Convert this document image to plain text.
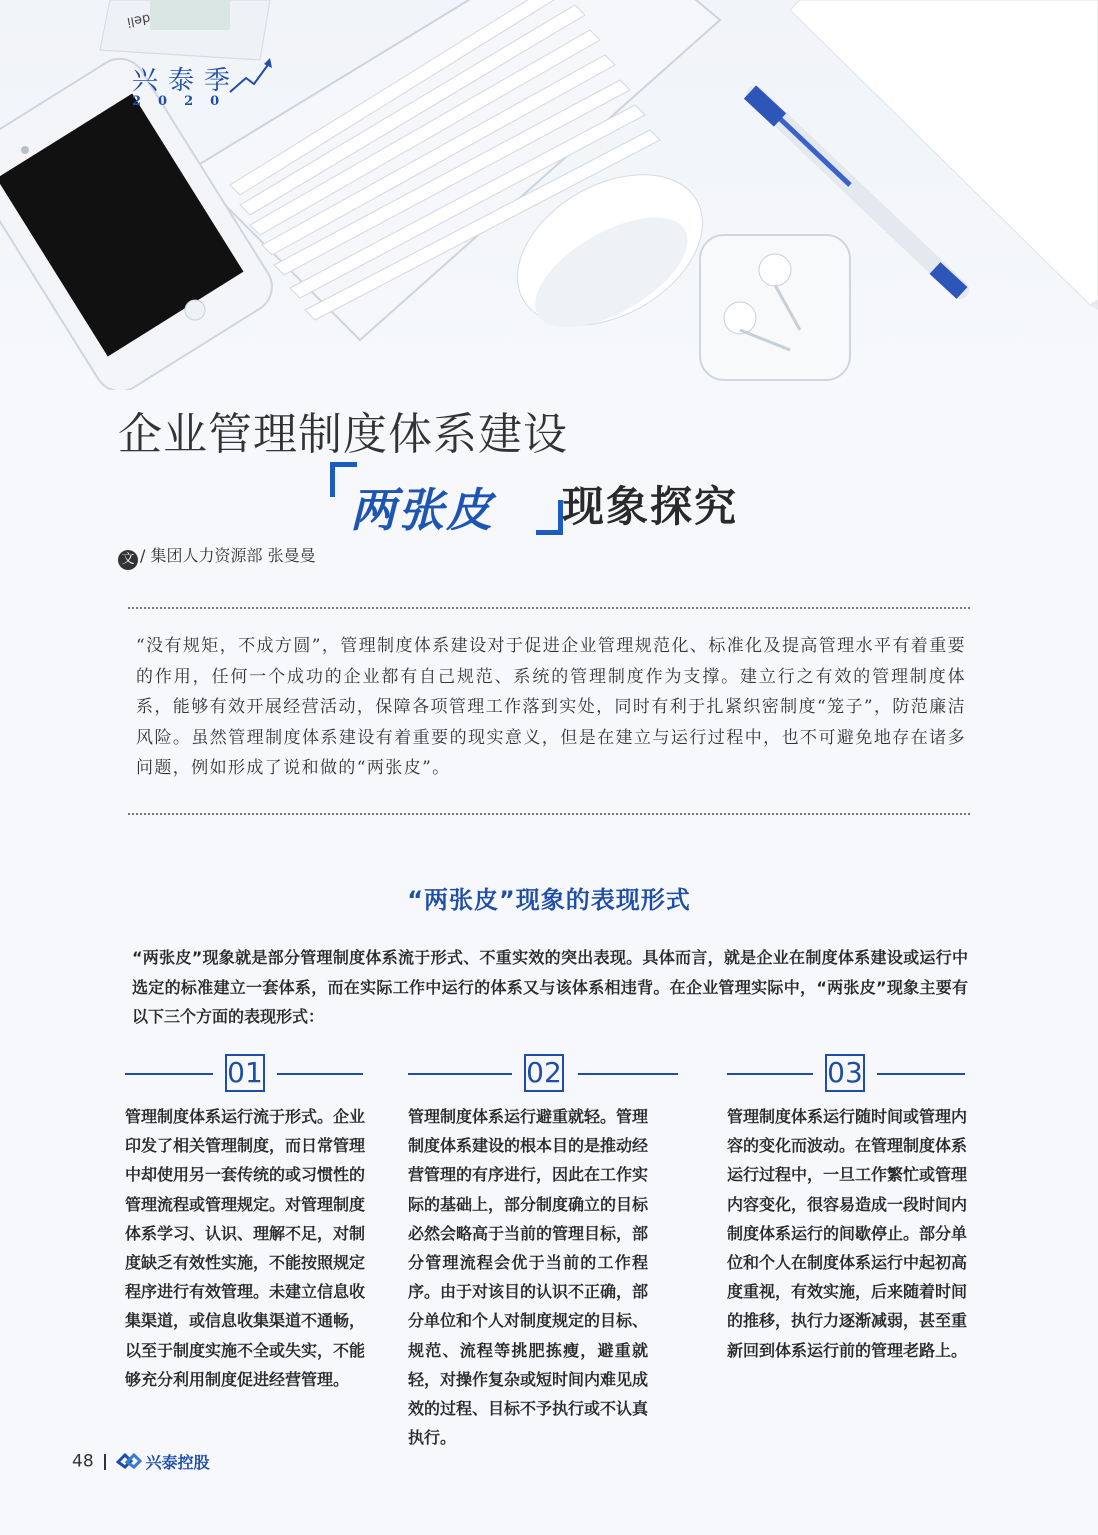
deli
兴泰季
2020
企业管理制度体系建设
两张皮 现象探究
文 / 集团人力资源部 张曼曼
“没有规矩，不成方圆”，管理制度体系建设对于促进企业管理规范化、标准化及提高管理水平有着重要的作用，任何一个成功的企业都有自己规范、系统的管理制度作为支撑。建立行之有效的管理制度体系，能够有效开展经营活动，保障各项管理工作落到实处，同时有利于扎紧织密制度“笼子”，防范廉洁风险。虽然管理制度体系建设有着重要的现实意义，但是在建立与运行过程中，也不可避免地存在诸多问题，例如形成了说和做的“两张皮”。
“两张皮”现象的表现形式
“两张皮”现象就是部分管理制度体系流于形式、不重实效的突出表现。具体而言，就是企业在制度体系建设或运行中选定的标准建立一套体系，而在实际工作中运行的体系又与该体系相违背。在企业管理实际中，“两张皮”现象主要有以下三个方面的表现形式：
01
管理制度体系运行流于形式。企业印发了相关管理制度，而日常管理中却使用另一套传统的或习惯性的管理流程或管理规定。对管理制度体系学习、认识、理解不足，对制度缺乏有效性实施，不能按照规定程序进行有效管理。未建立信息收集渠道，或信息收集渠道不通畅，以至于制度实施不全或失实，不能够充分利用制度促进经营管理。
02
管理制度体系运行避重就轻。管理制度体系建设的根本目的是推动经营管理的有序进行，因此在工作实际的基础上，部分制度确立的目标必然会略高于当前的管理目标，部分管理流程会优于当前的工作程序。由于对该目的认识不正确，部分单位和个人对制度规定的目标、规范、流程等挑肥拣瘦，避重就轻，对操作复杂或短时间内难见成效的过程、目标不予执行或不认真执行。
03
管理制度体系运行随时间或管理内容的变化而波动。在管理制度体系运行过程中，一旦工作繁忙或管理内容变化，很容易造成一段时间内制度体系运行的间歇停止。部分单位和个人在制度体系运行中起初高度重视，有效实施，后来随着时间的推移，执行力逐渐减弱，甚至重新回到体系运行前的管理老路上。
48	兴泰控股
